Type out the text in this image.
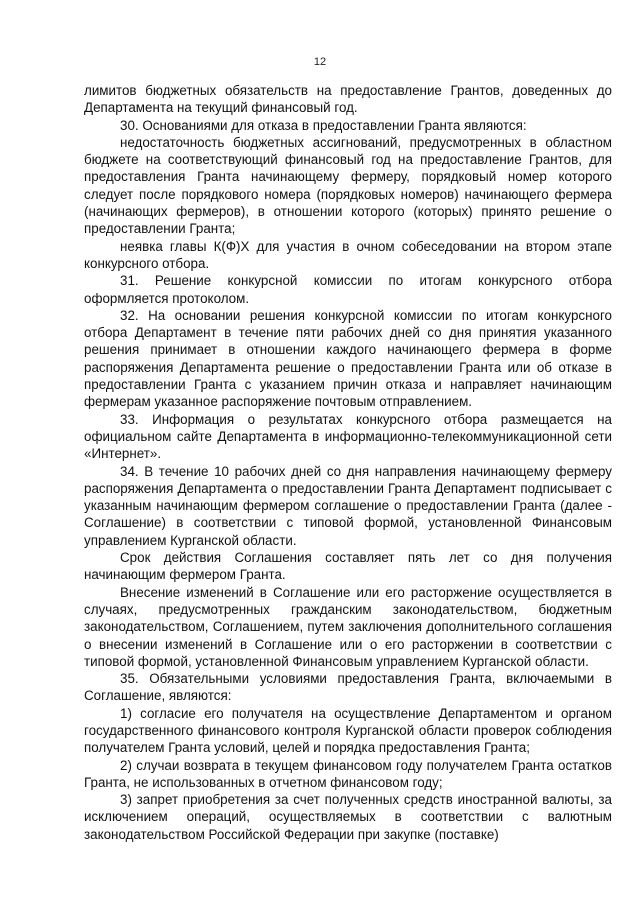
12

лимитов бюджетных обязательств на предоставление Грантов, доведенных до Департамента на текущий финансовый год.

30. Основаниями для отказа в предоставлении Гранта являются:

недостаточность бюджетных ассигнований, предусмотренных в областном бюджете на соответствующий финансовый год на предоставление Грантов, для предоставления Гранта начинающему фермеру, порядковый номер которого следует после порядкового номера (порядковых номеров) начинающего фермера (начинающих фермеров), в отношении которого (которых) принято решение о предоставлении Гранта;

неявка главы К(Ф)Х для участия в очном собеседовании на втором этапе конкурсного отбора.

31. Решение конкурсной комиссии по итогам конкурсного отбора оформляется протоколом.

32. На основании решения конкурсной комиссии по итогам конкурсного отбора Департамент в течение пяти рабочих дней со дня принятия указанного решения принимает в отношении каждого начинающего фермера в форме распоряжения Департамента решение о предоставлении Гранта или об отказе в предоставлении Гранта с указанием причин отказа и направляет начинающим фермерам указанное распоряжение почтовым отправлением.

33. Информация о результатах конкурсного отбора размещается на официальном сайте Департамента в информационно-телекоммуникационной сети «Интернет».

34. В течение 10 рабочих дней со дня направления начинающему фермеру распоряжения Департамента о предоставлении Гранта Департамент подписывает с указанным начинающим фермером соглашение о предоставлении Гранта (далее - Соглашение) в соответствии с типовой формой, установленной Финансовым управлением Курганской области.

Срок действия Соглашения составляет пять лет со дня получения начинающим фермером Гранта.

Внесение изменений в Соглашение или его расторжение осуществляется в случаях, предусмотренных гражданским законодательством, бюджетным законодательством, Соглашением, путем заключения дополнительного соглашения о внесении изменений в Соглашение или о его расторжении в соответствии с типовой формой, установленной Финансовым управлением Курганской области.

35. Обязательными условиями предоставления Гранта, включаемыми в Соглашение, являются:

1) согласие его получателя на осуществление Департаментом и органом государственного финансового контроля Курганской области проверок соблюдения получателем Гранта условий, целей и порядка предоставления Гранта;

2) случаи возврата в текущем финансовом году получателем Гранта остатков Гранта, не использованных в отчетном финансовом году;

3) запрет приобретения за счет полученных средств иностранной валюты, за исключением операций, осуществляемых в соответствии с валютным законодательством Российской Федерации при закупке (поставке)
